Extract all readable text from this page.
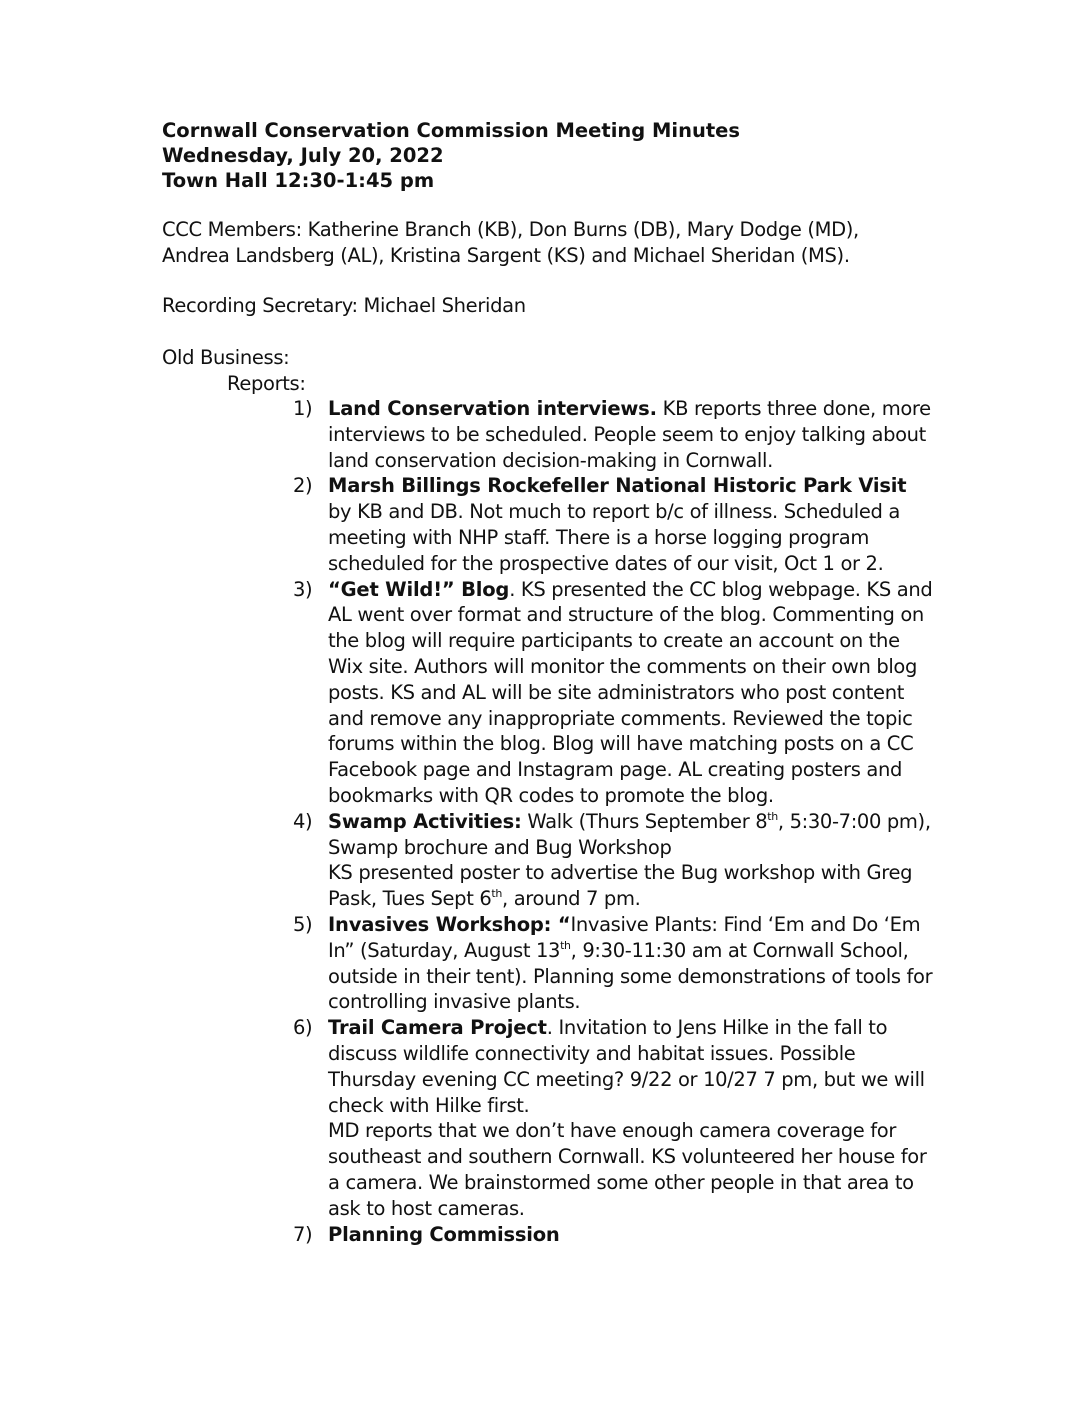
Cornwall Conservation Commission Meeting Minutes
Wednesday, July 20, 2022
Town Hall 12:30-1:45 pm
CCC Members: Katherine Branch (KB), Don Burns (DB), Mary Dodge (MD), Andrea Landsberg (AL), Kristina Sargent (KS) and Michael Sheridan (MS).
Recording Secretary: Michael Sheridan
Old Business:
Reports:
1) Land Conservation interviews. KB reports three done, more interviews to be scheduled. People seem to enjoy talking about land conservation decision-making in Cornwall.
2) Marsh Billings Rockefeller National Historic Park Visit by KB and DB. Not much to report b/c of illness. Scheduled a meeting with NHP staff. There is a horse logging program scheduled for the prospective dates of our visit, Oct 1 or 2.
3) “Get Wild!” Blog. KS presented the CC blog webpage. KS and AL went over format and structure of the blog. Commenting on the blog will require participants to create an account on the Wix site. Authors will monitor the comments on their own blog posts. KS and AL will be site administrators who post content and remove any inappropriate comments. Reviewed the topic forums within the blog. Blog will have matching posts on a CC Facebook page and Instagram page. AL creating posters and bookmarks with QR codes to promote the blog.
4) Swamp Activities: Walk (Thurs September 8th, 5:30-7:00 pm), Swamp brochure and Bug Workshop
KS presented poster to advertise the Bug workshop with Greg Pask, Tues Sept 6th, around 7 pm.
5) Invasives Workshop: “Invasive Plants: Find ‘Em and Do ‘Em In” (Saturday, August 13th, 9:30-11:30 am at Cornwall School, outside in their tent). Planning some demonstrations of tools for controlling invasive plants.
6) Trail Camera Project. Invitation to Jens Hilke in the fall to discuss wildlife connectivity and habitat issues. Possible Thursday evening CC meeting? 9/22 or 10/27 7 pm, but we will check with Hilke first.
MD reports that we don’t have enough camera coverage for southeast and southern Cornwall. KS volunteered her house for a camera. We brainstormed some other people in that area to ask to host cameras.
7) Planning Commission
